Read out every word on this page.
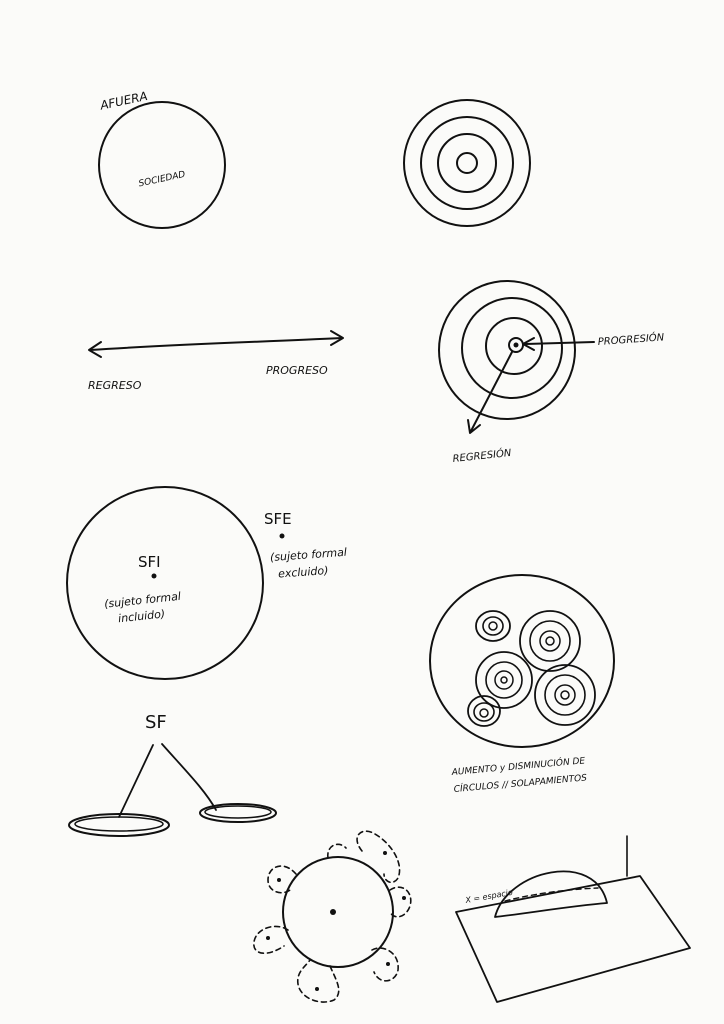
AFUERA
SOCIEDAD
REGRESO
PROGRESO
PROGRESIÓN
REGRESIÓN
SFI
(sujeto formal
incluido)
SFE
(sujeto formal
excluido)
AUMENTO y DISMINUCIÓN DE
CÍRCULOS // SOLAPAMIENTOS
SF
X = espacio
